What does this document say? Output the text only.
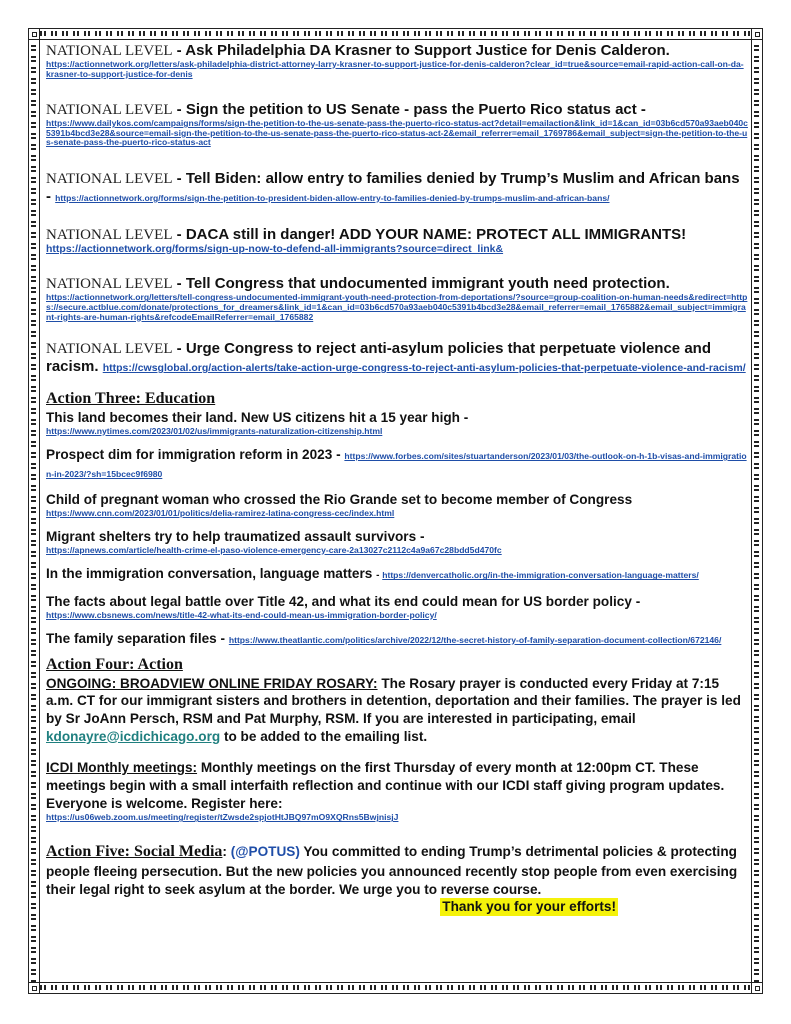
NATIONAL LEVEL - Ask Philadelphia DA Krasner to Support Justice for Denis Calderon.
https://actionnetwork.org/letters/ask-philadelphia-district-attorney-larry-krasner-to-support-justice-for-denis-calderon?clear_id=true&source=email-rapid-action-call-on-da-krasner-to-support-justice-for-denis
NATIONAL LEVEL - Sign the petition to US Senate - pass the Puerto Rico status act -
https://www.dailykos.com/campaigns/forms/sign-the-petition-to-the-us-senate-pass-the-puerto-rico-status-act?detail=emailaction&link_id=1&can_id=03b6cd570a93aeb040c5391b4bcd3e28&source=email-sign-the-petition-to-the-us-senate-pass-the-puerto-rico-status-act-2&email_referrer=email_1769786&email_subject=sign-the-petition-to-the-us-senate-pass-the-puerto-rico-status-act
NATIONAL LEVEL - Tell Biden: allow entry to families denied by Trump’s Muslim and African bans - https://actionnetwork.org/forms/sign-the-petition-to-president-biden-allow-entry-to-families-denied-by-trumps-muslim-and-african-bans/
NATIONAL LEVEL - DACA still in danger! ADD YOUR NAME: PROTECT ALL IMMIGRANTS!
https://actionnetwork.org/forms/sign-up-now-to-defend-all-immigrants?source=direct_link&
NATIONAL LEVEL - Tell Congress that undocumented immigrant youth need protection.
https://actionnetwork.org/letters/tell-congress-undocumented-immigrant-youth-need-protection-from-deportations/?source=group-coalition-on-human-needs&redirect=https://secure.actblue.com/donate/protections_for_dreamers&link_id=1&can_id=03b6cd570a93aeb040c5391b4bcd3e28&email_referrer=email_1765882&email_subject=immigrant-rights-are-human-rights&refcodeEmailReferrer=email_1765882
NATIONAL LEVEL - Urge Congress to reject anti-asylum policies that perpetuate violence and racism. https://cwsglobal.org/action-alerts/take-action-urge-congress-to-reject-anti-asylum-policies-that-perpetuate-violence-and-racism/
Action Three: Education
This land becomes their land. New US citizens hit a 15 year high -
https://www.nytimes.com/2023/01/02/us/immigrants-naturalization-citizenship.html
Prospect dim for immigration reform in 2023 - https://www.forbes.com/sites/stuartanderson/2023/01/03/the-outlook-on-h-1b-visas-and-immigration-in-2023/?sh=15bcec9f6980
Child of pregnant woman who crossed the Rio Grande set to become member of Congress
https://www.cnn.com/2023/01/01/politics/delia-ramirez-latina-congress-cec/index.html
Migrant shelters try to help traumatized assault survivors -
https://apnews.com/article/health-crime-el-paso-violence-emergency-care-2a13027c2112c4a9a67c28bdd5d470fc
In the immigration conversation, language matters - https://denvercatholic.org/in-the-immigration-conversation-language-matters/
The facts about legal battle over Title 42, and what its end could mean for US border policy -
https://www.cbsnews.com/news/title-42-what-its-end-could-mean-us-immigration-border-policy/
The family separation files - https://www.theatlantic.com/politics/archive/2022/12/the-secret-history-of-family-separation-document-collection/672146/
Action Four: Action

ONGOING: BROADVIEW ONLINE FRIDAY ROSARY: The Rosary prayer is conducted every Friday at 7:15 a.m. CT for our immigrant sisters and brothers in detention, deportation and their families. The prayer is led by Sr JoAnn Persch, RSM and Pat Murphy, RSM. If you are interested in participating, email kdonayre@icdichicago.org to be added to the emailing list.

ICDI Monthly meetings: Monthly meetings on the first Thursday of every month at 12:00pm CT. These meetings begin with a small interfaith reflection and continue with our ICDI staff giving program updates. Everyone is welcome. Register here:

https://us06web.zoom.us/meeting/register/tZwsde2spjotHtJBQ97mO9XQRns5BwjnisjJ

Action Five: Social Media: (@POTUS) You committed to ending Trump’s detrimental policies & protecting people fleeing persecution. But the new policies you announced recently stop people from even exercising their legal right to seek asylum at the border. We urge you to reverse course.
Thank you for your efforts!
